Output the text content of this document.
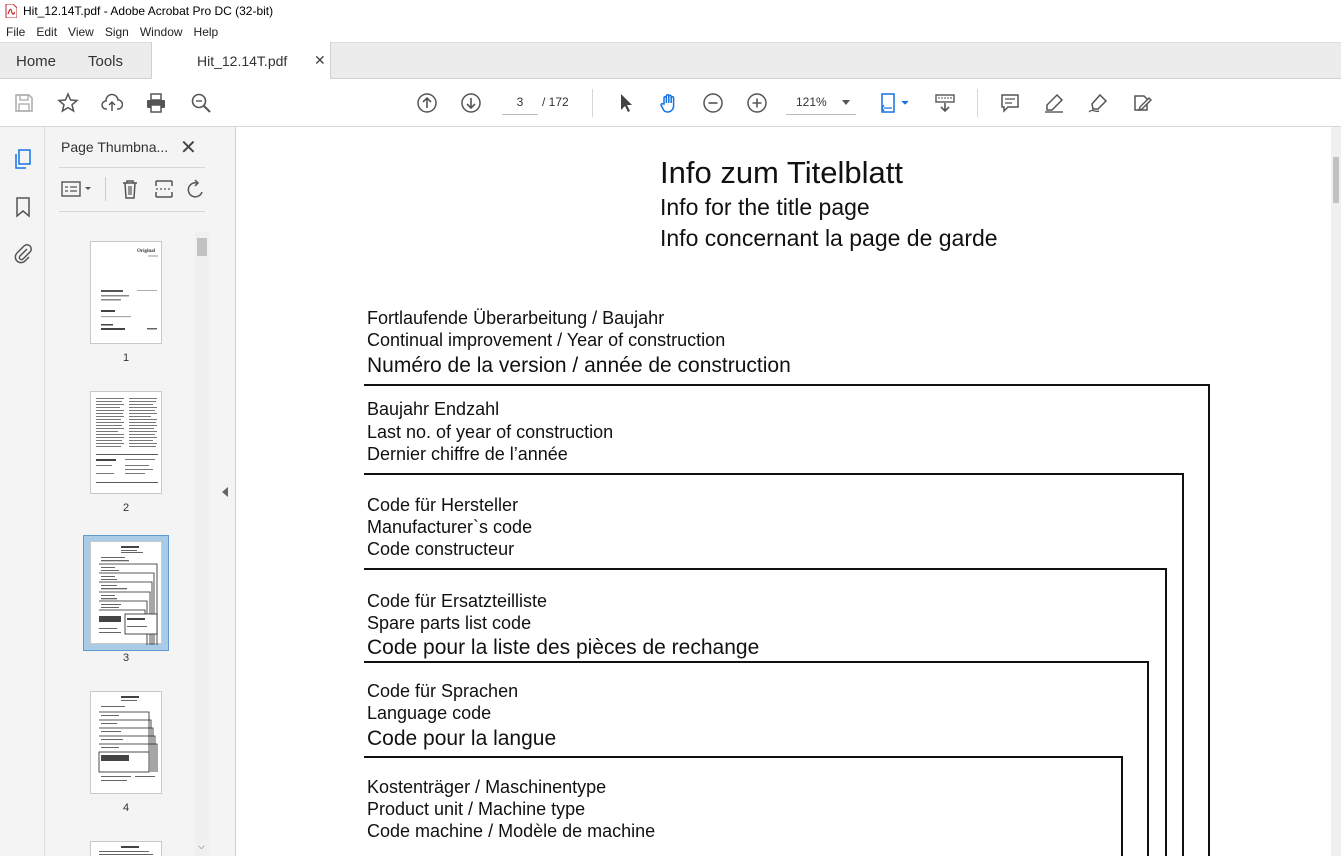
Hit_12.14T.pdf - Adobe Acrobat Pro DC (32-bit)
File Edit View Sign Window Help
Home Tools	Hit_12.14T.pdf ✕
3	/ 172	121%
Page Thumbna... ✕
Original
1
2
3
4
⌵
Info zum Titelblatt
Info for the title page
Info concernant la page de garde
Fortlaufende Überarbeitung / Baujahr
Continual improvement / Year of construction
Numéro de la version / année de construction
Baujahr Endzahl
Last no. of year of construction
Dernier chiffre de l’année
Code für Hersteller
Manufacturer`s code
Code constructeur
Code für Ersatzteilliste
Spare parts list code
Code pour la liste des pièces de rechange
Code für Sprachen
Language code
Code pour la langue
Kostenträger / Maschinentype
Product unit / Machine type
Code machine / Modèle de machine
